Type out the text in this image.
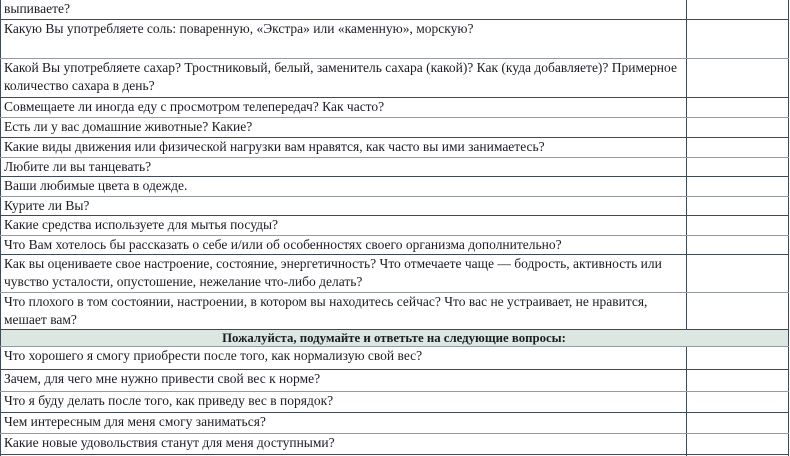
выпиваете?	
Какую Вы употребляете соль: поваренную, «Экстра» или «каменную», морскую?	
Какой Вы употребляете сахар? Тростниковый, белый, заменитель сахара (какой)? Как (куда добавляете)? Примерное количество сахара в день?	
Совмещаете ли иногда еду с просмотром телепередач? Как часто?	
Есть ли у вас домашние животные? Какие?	
Какие виды движения или физической нагрузки вам нравятся, как часто вы ими занимаетесь?	
Любите ли вы танцевать?	
Ваши любимые цвета в одежде.	
Курите ли Вы?	
Какие средства используете для мытья посуды?	
Что Вам хотелось бы рассказать о себе и/или об особенностях своего организма дополнительно?	
Как вы оцениваете свое настроение, состояние, энергетичность? Что отмечаете чаще — бодрость, активность или чувство усталости, опустошение, нежелание что-либо делать?	
Что плохого в том состоянии, настроении, в котором вы находитесь сейчас? Что вас не устраивает, не нравится, мешает вам?	
Пожалуйста, подумайте и ответьте на следующие вопросы:	
Что хорошего я смогу приобрести после того, как нормализую свой вес?	
Зачем, для чего мне нужно привести свой вес к норме?	
Что я буду делать после того, как приведу вес в порядок?	
Чем интересным для меня смогу заниматься?	
Какие новые удовольствия станут для меня доступными?	
